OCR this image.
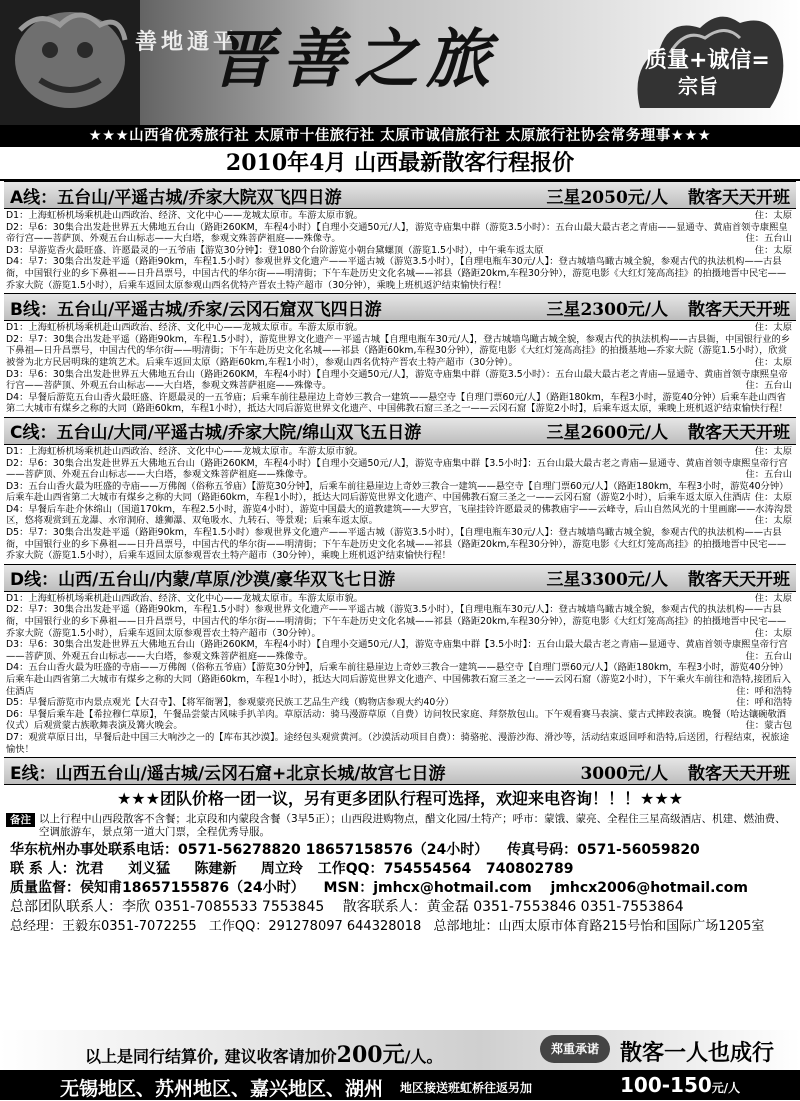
善地通平
晋善之旅	质量+诚信=
宗旨
★★★山西省优秀旅行社 太原市十佳旅行社 太原市诚信旅行社 太原旅行社协会常务理事★★★
2010年4月 山西最新散客行程报价
A线：五台山/平遥古城/乔家大院双飞四日游	三星2050元/人 散客天天开班
D1：上海虹桥机场乘机赴山西政治、经济、文化中心——龙城太原市。车游太原市貌。	住：太原
D2：早6：30集合出发赴世界五大佛地五台山（路距260KM，车程4小时）【自理小交通50元/人】，游览寺庙集中群（游览3.5小时）：五台山最大最古老之青庙——显通寺、黄庙首领寺康熙皇帝行宫——菩萨顶、外观五台山标志——大白塔，参观文殊菩萨祖庭——殊像寺。	住：五台山
D3：早游览香火最旺盛、许愿最灵的一五爷庙【游览30分钟】：登1080个台阶游览小朝台黛螺顶（游览1.5小时），中午乘车返太原	住：太原
D4：早7：30集合出发赴平遥（路距90km，车程1.5小时）参观世界文化遗产——平遥古城（游览3.5小时），【自理电瓶车30元/人】：登古城墙鸟瞰古城全貌，参观古代的执法机构——古县衙，中国银行业的乡下鼻祖——日升昌票号，中国古代的华尔街——明清街；下午车赴历史文化名城——祁县（路距20km,车程30分钟），游览电影《大红灯笼高高挂》的拍摄地晋中民宅——乔家大院（游览1.5小时），后乘车返回太原参观山西名优特产晋农土特产超市（30分钟），乘晚上班机返沪结束愉快行程！
B线：五台山/平遥古城/乔家/云冈石窟双飞四日游	三星2300元/人 散客天天开班
D1：上海虹桥机场乘机赴山西政治、经济、文化中心——龙城太原市。车游太原市貌。	住：太原
D2：早7：30集合出发赴平遥（路距90km，车程1.5小时），游览世界文化遗产－平遥古城【自理电瓶车30元/人】，登古城墙鸟瞰古城全貌，参观古代的执法机构——古县衙，中国银行业的乡下鼻祖—日升昌票号，中国古代的华尔街——明清街；下午车赴历史文化名城——祁县（路距60km,车程30分钟），游览电影《大红灯笼高高挂》的拍摄基地—乔家大院（游览1.5小时），欣赏被誉为北方民居明珠的建筑艺术。后乘车返回太原（路距60km,车程1小时），参观山西名优特产晋农土特产超市（30分钟）。	住：太原
D3：早6：30集合出发赴世界五大佛地五台山（路距260KM，车程4小时）【自理小交通50元/人】，游览寺庙集中群（游览3.5小时）：五台山最大最古老之青庙—显通寺、黄庙首领寺康熙皇帝行宫——菩萨顶、外观五台山标志——大白塔，参观文殊菩萨祖庭——殊像寺。	住：五台山
D4：早餐后游览五台山香火最旺盛、许愿最灵的一五爷庙；后乘车前往悬崖边上奇妙三教合一建筑——悬空寺【自理门票60元/人】（路距180km，车程3小时，游览40分钟）后乘车赴山西省第二大城市有煤乡之称的大同（路距60km，车程1小时），抵达大同后游览世界文化遗产、中国佛教石窟三圣之一——云冈石窟【游览2小时】，后乘车返太原，乘晚上班机返沪结束愉快行程！
C线：五台山/大同/平遥古城/乔家大院/绵山双飞五日游	三星2600元/人 散客天天开班
D1：上海虹桥机场乘机赴山西政治、经济、文化中心——龙城太原市。车游太原市貌。	住：太原
D2：早6：30集合出发赴世界五大佛地五台山（路距260KM，车程4小时）【自理小交通50元/人】，游览寺庙集中群【3.5小时】：五台山最大最古老之青庙—显通寺、黄庙首领寺康熙皇帝行宫——菩萨顶、外观五台山标志——大白塔，参观文殊菩萨祖庭——殊像寺。	住：五台山
D3：五台山香火最为旺盛的寺庙——万佛阁（俗称五爷庙）【游览30分钟】，后乘车前往悬崖边上奇妙三教合一建筑——悬空寺【自理门票60元/人】（路距180km，车程3小时，游览40分钟）后乘车赴山西省第二大城市有煤乡之称的大同（路距60km，车程1小时），抵达大同后游览世界文化遗产、中国佛教石窟三圣之一——云冈石窟（游览2小时），后乘车返太原入住酒店 住：太原
D4：早餐后车赴介休绵山（国道170km，车程2.5小时，游览4小时），游览中国最大的道教建筑——大罗宫，飞崖挂铃许愿最灵的佛教庙宇——云峰寺，后山自然风光的十里画廊——水涛沟景区，悠将观赏到五龙瀑、水帘洞府、雄狮瀑、双龟吸水、九转石、等景观；后乘车返太原。	住：太原
D5：早7：30集合出发赴平遥（路距90km，车程1.5小时）参观世界文化遗产——平遥古城（游览3.5小时），【自理电瓶车30元/人】：登古城墙鸟瞰古城全貌，参观古代的执法机构——古县衙，中国银行业的乡下鼻祖——日升昌票号，中国古代的华尔街——明清街；下午车赴历史文化名城——祁县（路距20km,车程30分钟），游览电影《大红灯笼高高挂》的拍摄地晋中民宅——乔家大院（游览1.5小时），后乘车返回太原参观晋农土特产超市（30分钟），乘晚上班机返沪结束愉快行程！
D线：山西/五台山/内蒙/草原/沙漠/豪华双飞七日游	三星3300元/人 散客天天开班
D1：上海虹桥机场乘机赴山西政治、经济、文化中心——龙城太原市。车游太原市貌。	住：太原
D2：早7：30集合出发赴平遥（路距90km，车程1.5小时）参观世界文化遗产——平遥古城（游览3.5小时），【自理电瓶车30元/人】：登古城墙鸟瞰古城全貌，参观古代的执法机构——古县衙，中国银行业的乡下鼻祖——日升昌票号，中国古代的华尔街——明清街；下午车赴历史文化名城——祁县（路距20km,车程30分钟），游览电影《大红灯笼高高挂》的拍摄地晋中民宅——乔家大院（游览1.5小时），后乘车返回太原参观晋农土特产超市（30分钟）。	住：太原
D3：早6：30集合出发赴世界五大佛地五台山（路距260KM，车程4小时）【自理小交通50元/人】，游览寺庙集中群【3.5小时】：五台山最大最古老之青庙—显通寺、黄庙首领寺康熙皇帝行宫——菩萨顶、外观五台山标志——大白塔，参观文殊菩萨祖庭——殊像寺。	住：五台山
D4：五台山香火最为旺盛的寺庙——万佛阁（俗称五爷庙）【游览30分钟】，后乘车前往悬崖边上奇妙三教合一建筑——悬空寺【自理门票60元/人】（路距180km，车程3小时，游览40分钟）后乘车赴山西省第二大城市有煤乡之称的大同（路距60km，车程1小时），抵达大同后游览世界文化遗产、中国佛教石窟三圣之一——云冈石窟（游览2小时），下午乘火车前往和浩特,接团后入住酒店	住：呼和浩特
D5：早餐后游览市内景点观光【大召寺】、【将军衙署】，参观蒙亮民族工艺品生产线（购物店参观大约40分）	住：呼和浩特
D6：早餐后乘车赴【希拉穆仁草原】，午餐品尝蒙古风味手扒羊肉。草原活动：骑马漫游草原（自费）访问牧民家庭、拜祭敖包山。下午观看赛马表演、蒙古式摔跤表演。晚餐（哈达镶碗敬酒仪式）后观赏蒙古族歌舞表演及篝火晚会。	住：蒙古包
D7：观赏草原日出，早餐后赴中国三大响沙之一的【库布其沙漠】。途经包头观赏黄河。（沙漠活动项目自费）：骑骆驼、漫游沙海、滑沙等，活动结束返回呼和浩特,后送团，行程结束，祝旅途愉快！
E线：山西五台山/遥古城/云冈石窟+北京长城/故宫七日游	3000元/人 散客天天开班
★★★团队价格一团一议，另有更多团队行程可选择，欢迎来电咨询！！！★★★
备注 以上行程中山西段散客不含餐；北京段和内蒙段含餐（3早5正）；山西段进购物点，醋文化园/土特产；呼市：蒙饿、蒙亮、全程住三星高级酒店、机建、燃油费、空调旅游车，景点第一道大门票，全程优秀导服。
华东杭州办事处联系电话：0571-56278820 18657158576（24小时） 传真号码：0571-56059820
联 系 人：沈君     刘义猛     陈建新     周立玲 工作QQ：754554564   740802789
质量监督：侯知甫18657155876（24小时） MSN：jmhcx@hotmail.com jmhcx2006@hotmail.com
总部团队联系人：李欣 0351-7085533 7553845 散客联系人：黄金磊 0351-7553846 0351-7553864
总经理：王毅东0351-7072255 工作QQ：291278097 644328018 总部地址：山西太原市体育路215号怡和国际广场1205室
以上是同行结算价, 建议收客请加价200元/人。	郑重承诺 散客一人也成行
无锡地区、苏州地区、嘉兴地区、湖州 地区接送班虹桥往返另加	100-150元/人
